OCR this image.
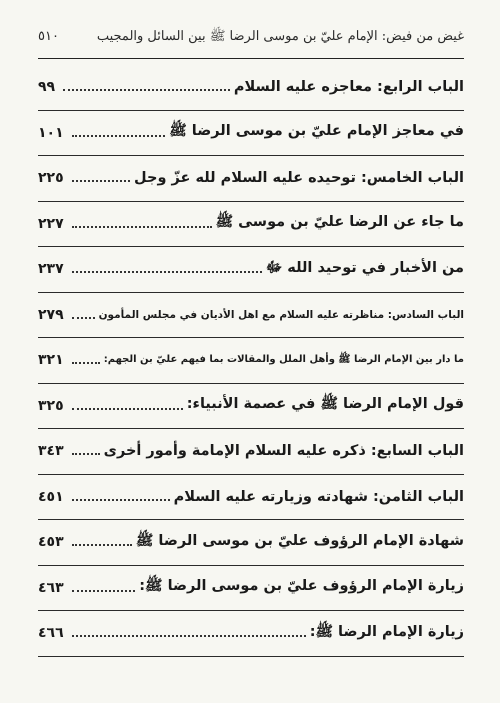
٥١٠	غيض من فيض: الإمام عليّ بن موسى الرضا ﷺ بين السائل والمجيب
٩٩	الباب الرابع: معاجزه عليه السلام
١٠١	في معاجز الإمام عليّ بن موسى الرضا ﷺ
٢٢٥	الباب الخامس: توحيده عليه السلام لله عزّ وجل
٢٢٧	ما جاء عن الرضا عليّ بن موسى ﷺ
٢٣٧	من الأخبار في توحيد الله ﷻ
٢٧٩	الباب السادس: مناظرته عليه السلام مع اهل الأديان في مجلس المأمون
٣٢١	ما دار بين الإمام الرضا ﷺ وأهل الملل والمقالات بما فيهم عليّ بن الجهم:
٣٢٥	قول الإمام الرضا ﷺ في عصمة الأنبياء:
٣٤٣	الباب السابع: ذكره عليه السلام الإمامة وأمور أخرى
٤٥١	الباب الثامن: شهادته وزيارته عليه السلام
٤٥٣	شهادة الإمام الرؤوف عليّ بن موسى الرضا ﷺ
٤٦٣	زيارة الإمام الرؤوف عليّ بن موسى الرضا ﷺ:
٤٦٦	زيارة الإمام الرضا ﷺ:
